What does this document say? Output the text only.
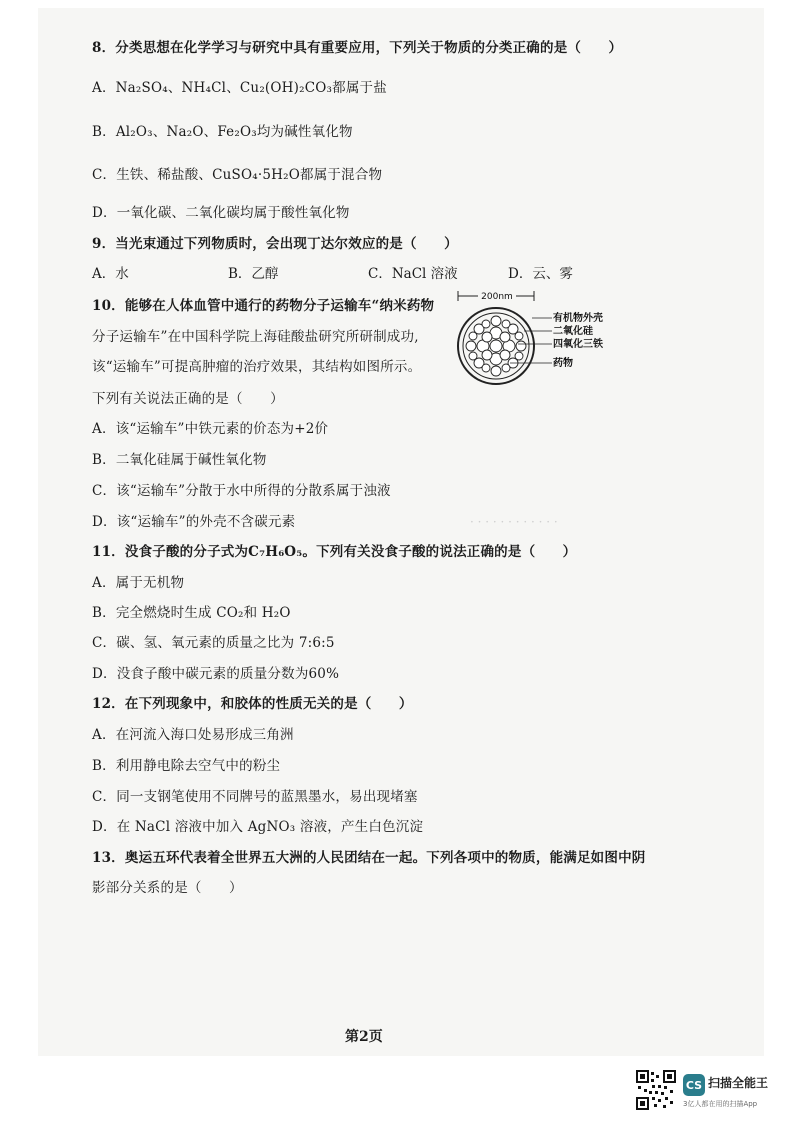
· · · · · · · · · · · ·

8．分类思想在化学学习与研究中具有重要应用，下列关于物质的分类正确的是（　　）
A．Na₂SO₄、NH₄Cl、Cu₂(OH)₂CO₃都属于盐
B．Al₂O₃、Na₂O、Fe₂O₃均为碱性氧化物
C．生铁、稀盐酸、CuSO₄·5H₂O都属于混合物
D．一氧化碳、二氧化碳均属于酸性氧化物
9．当光束通过下列物质时，会出现丁达尔效应的是（　　）
A．水	B．乙醇	C．NaCl 溶液	D．云、雾
10．能够在人体血管中通行的药物分子运输车“纳米药物
分子运输车”在中国科学院上海硅酸盐研究所研制成功,
该“运输车”可提高肿瘤的治疗效果，其结构如图所示。
下列有关说法正确的是（　　）
200nm
有机物外壳
二氧化硅
四氧化三铁
药物
A．该“运输车”中铁元素的价态为+2价
B．二氧化硅属于碱性氧化物
C．该“运输车”分散于水中所得的分散系属于浊液
D．该“运输车”的外壳不含碳元素
11．没食子酸的分子式为C₇H₆O₅。下列有关没食子酸的说法正确的是（　　）
A．属于无机物
B．完全燃烧时生成 CO₂和 H₂O
C．碳、氢、氧元素的质量之比为 7:6:5
D．没食子酸中碳元素的质量分数为60%
12．在下列现象中，和胶体的性质无关的是（　　）
A．在河流入海口处易形成三角洲
B．利用静电除去空气中的粉尘
C．同一支钢笔使用不同牌号的蓝黑墨水，易出现堵塞
D．在 NaCl 溶液中加入 AgNO₃ 溶液，产生白色沉淀
13．奥运五环代表着全世界五大洲的人民团结在一起。下列各项中的物质，能满足如图中阴
影部分关系的是（　　）
第2页
CS 扫描全能王
3亿人都在用的扫描App
